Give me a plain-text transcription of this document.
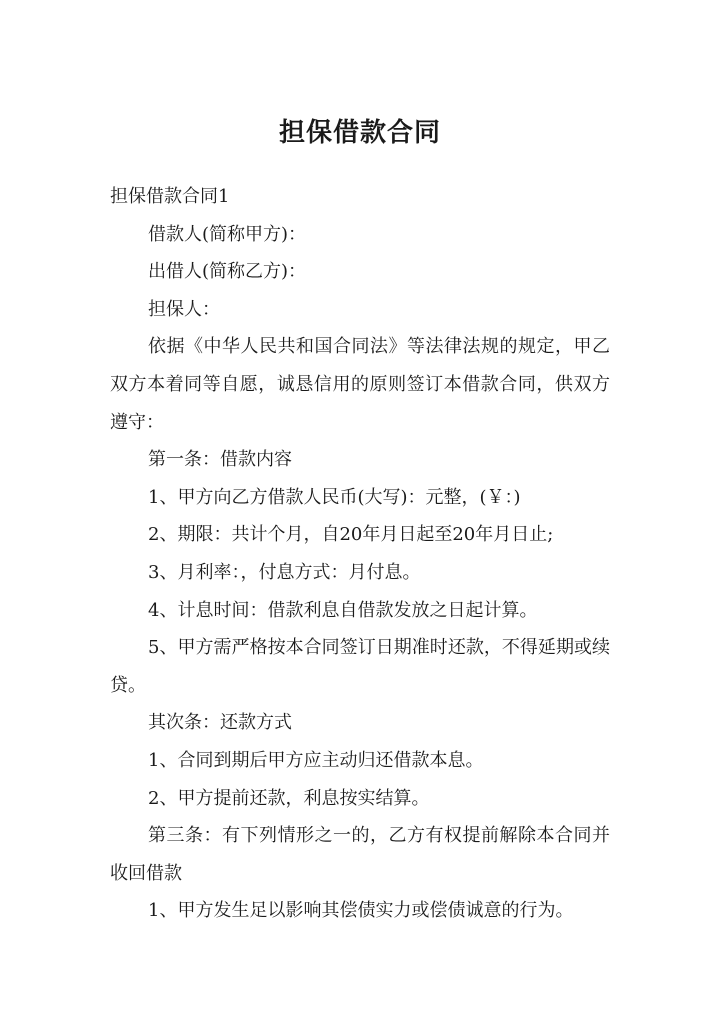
担保借款合同

担保借款合同1

借款人(简称甲方)：

出借人(简称乙方)：

担保人：

依据《中华人民共和国合同法》等法律法规的规定，甲乙双方本着同等自愿，诚恳信用的原则签订本借款合同，供双方遵守：

第一条：借款内容

1、甲方向乙方借款人民币(大写)：元整，(￥：)

2、期限：共计个月，自20年月日起至20年月日止;

3、月利率：，付息方式：月付息。

4、计息时间：借款利息自借款发放之日起计算。

5、甲方需严格按本合同签订日期准时还款，不得延期或续贷。

其次条：还款方式

1、合同到期后甲方应主动归还借款本息。

2、甲方提前还款，利息按实结算。

第三条：有下列情形之一的，乙方有权提前解除本合同并收回借款

1、甲方发生足以影响其偿债实力或偿债诚意的行为。
